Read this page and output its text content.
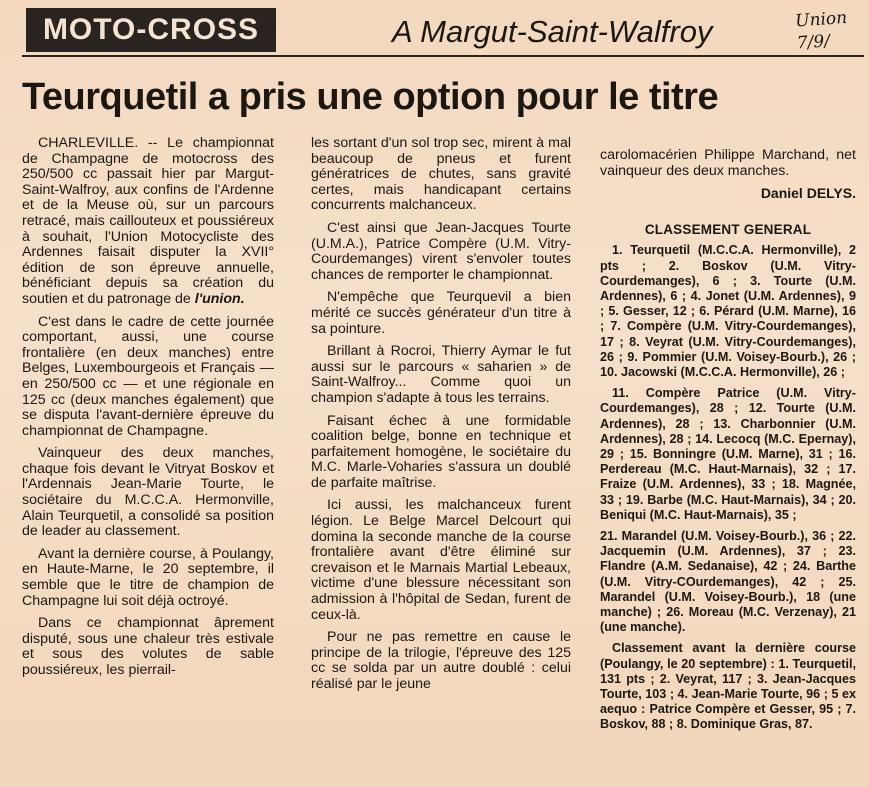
MOTO-CROSS	A Margut-Saint-Walfroy	Union 7/9/
Teurquetil a pris une option pour le titre

CHARLEVILLE. -- Le championnat de Champagne de motocross des 250/500 cc passait hier par Margut-Saint-Walfroy, aux confins de l'Ardenne et de la Meuse où, sur un parcours retracé, mais caillouteux et poussiéreux à souhait, l'Union Motocycliste des Ardennes faisait disputer la XVII° édition de son épreuve annuelle, bénéficiant depuis sa création du soutien et du patronage de l'union.

C'est dans le cadre de cette journée comportant, aussi, une course frontalière (en deux manches) entre Belges, Luxembourgeois et Français — en 250/500 cc — et une régionale en 125 cc (deux manches également) que se disputa l'avant-dernière épreuve du championnat de Champagne.

Vainqueur des deux manches, chaque fois devant le Vitryat Boskov et l'Ardennais Jean-Marie Tourte, le sociétaire du M.C.C.A. Hermonville, Alain Teurquetil, a consolidé sa position de leader au classement.

Avant la dernière course, à Poulangy, en Haute-Marne, le 20 septembre, il semble que le titre de champion de Champagne lui soit déjà octroyé.

Dans ce championnat âprement disputé, sous une chaleur très estivale et sous des volutes de sable poussiéreux, les pierrail-

les sortant d'un sol trop sec, mirent à mal beaucoup de pneus et furent génératrices de chutes, sans gravité certes, mais handicapant certains concurrents malchanceux.

C'est ainsi que Jean-Jacques Tourte (U.M.A.), Patrice Compère (U.M. Vitry-Courdemanges) virent s'envoler toutes chances de remporter le championnat.

N'empêche que Teurquevil a bien mérité ce succès générateur d'un titre à sa pointure.

Brillant à Rocroi, Thierry Aymar le fut aussi sur le parcours « saharien » de Saint-Walfroy... Comme quoi un champion s'adapte à tous les terrains.

Faisant échec à une formidable coalition belge, bonne en technique et parfaitement homogène, le sociétaire du M.C. Marle-Voharies s'assura un doublé de parfaite maîtrise.

Ici aussi, les malchanceux furent légion. Le Belge Marcel Delcourt qui domina la seconde manche de la course frontalière avant d'être éliminé sur crevaison et le Marnais Martial Lebeaux, victime d'une blessure nécessitant son admission à l'hôpital de Sedan, furent de ceux-là.

Pour ne pas remettre en cause le principe de la trilogie, l'épreuve des 125 cc se solda par un autre doublé : celui réalisé par le jeune

carolomacérien Philippe Marchand, net vainqueur des deux manches.

Daniel DELYS.
CLASSEMENT GENERAL
1. Teurquetil (M.C.C.A. Hermonville), 2 pts ; 2. Boskov (U.M. Vitry-Courdemanges), 6 ; 3. Tourte (U.M. Ardennes), 6 ; 4. Jonet (U.M. Ardennes), 9 ; 5. Gesser, 12 ; 6. Pérard (U.M. Marne), 16 ; 7. Compère (U.M. Vitry-Courdemanges), 17 ; 8. Veyrat (U.M. Vitry-Courdemanges), 26 ; 9. Pommier (U.M. Voisey-Bourb.), 26 ; 10. Jacowski (M.C.C.A. Hermonville), 26 ;
11. Compère Patrice (U.M. Vitry-Courdemanges), 28 ; 12. Tourte (U.M. Ardennes), 28 ; 13. Charbonnier (U.M. Ardennes), 28 ; 14. Lecocq (M.C. Epernay), 29 ; 15. Bonningre (U.M. Marne), 31 ; 16. Perdereau (M.C. Haut-Marnais), 32 ; 17. Fraize (U.M. Ardennes), 33 ; 18. Magnée, 33 ; 19. Barbe (M.C. Haut-Marnais), 34 ; 20. Beniqui (M.C. Haut-Marnais), 35 ;
21. Marandel (U.M. Voisey-Bourb.), 36 ; 22. Jacquemin (U.M. Ardennes), 37 ; 23. Flandre (A.M. Sedanaise), 42 ; 24. Barthe (U.M. Vitry-COurdemanges), 42 ; 25. Marandel (U.M. Voisey-Bourb.), 18 (une manche) ; 26. Moreau (M.C. Verzenay), 21 (une manche).
Classement avant la dernière course (Poulangy, le 20 septembre) : 1. Teurquetil, 131 pts ; 2. Veyrat, 117 ; 3. Jean-Jacques Tourte, 103 ; 4. Jean-Marie Tourte, 96 ; 5 ex aequo : Patrice Compère et Gesser, 95 ; 7. Boskov, 88 ; 8. Dominique Gras, 87.
